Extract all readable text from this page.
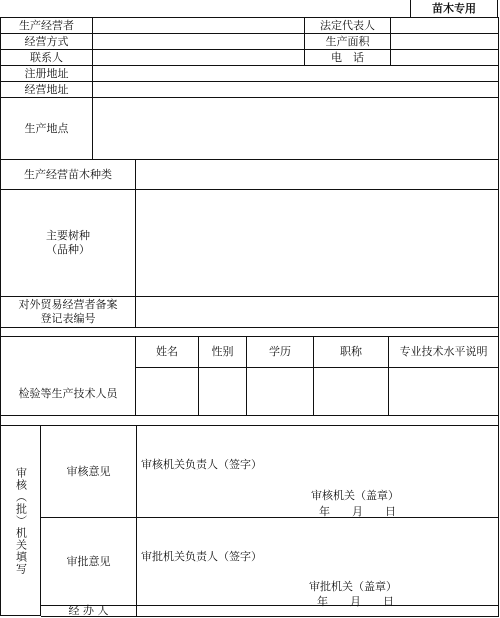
苗木专用
生产经营者	法定代表人
经营方式	生产面积
联系人	电　话
注册地址
经营地址
生产地点
生产经营苗木种类
主要树种
（品种）
对外贸易经营者备案
登记表编号
检验等生产技术人员
姓名	性别	学历	职称	专业技术水平说明
审核（批）机关填写	审核意见	审核机关负责人（签字）
审核机关（盖章）
年　　月　　日
审批意见	审批机关负责人（签字）
审批机关（盖章）
年　　月　　日
经 办 人
